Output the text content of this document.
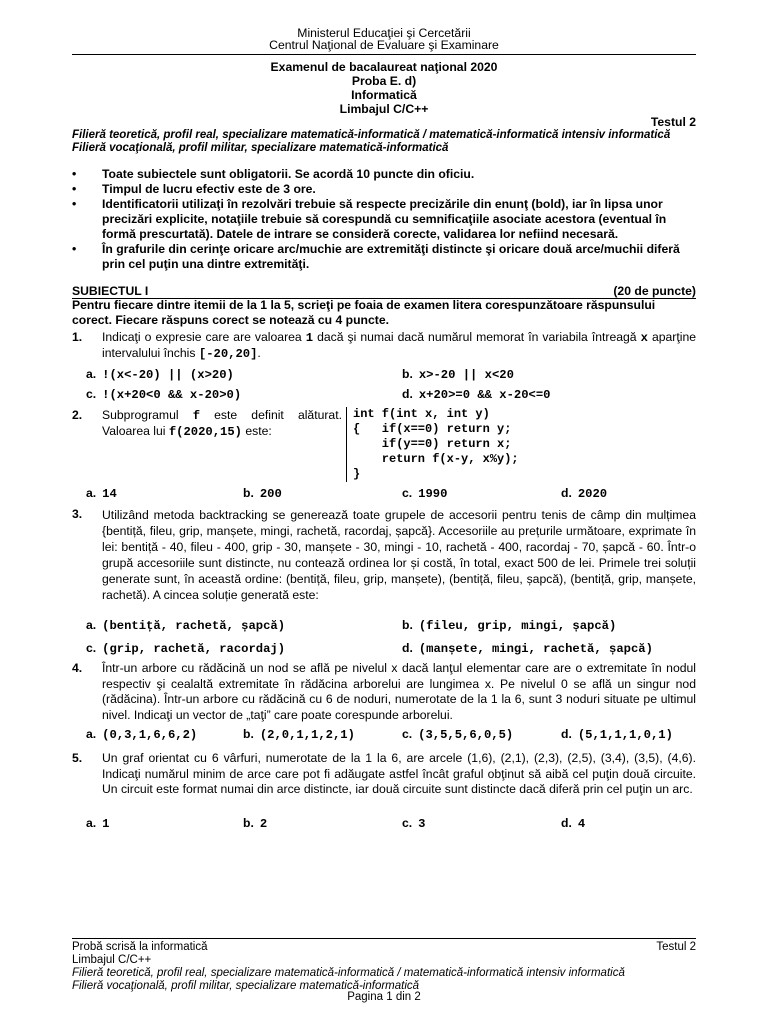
Ministerul Educaţiei şi Cercetării
Centrul Naţional de Evaluare şi Examinare
Examenul de bacalaureat naţional 2020
Proba E. d)
Informatică
Limbajul C/C++
Testul 2
Filieră teoretică, profil real, specializare matematică-informatică / matematică-informatică intensiv informatică
Filieră vocaţională, profil militar, specializare matematică-informatică
• Toate subiectele sunt obligatorii. Se acordă 10 puncte din oficiu.
• Timpul de lucru efectiv este de 3 ore.
• Identificatorii utilizaţi în rezolvări trebuie să respecte precizările din enunţ (bold), iar în lipsa unor precizări explicite, notaţiile trebuie să corespundă cu semnificaţiile asociate acestora (eventual în formă prescurtată). Datele de intrare se consideră corecte, validarea lor nefiind necesară.
• În grafurile din cerinţe oricare arc/muchie are extremităţi distincte şi oricare două arce/muchii diferă prin cel puţin una dintre extremităţi.
SUBIECTUL I	(20 de puncte)
Pentru fiecare dintre itemii de la 1 la 5, scrieţi pe foaia de examen litera corespunzătoare răspunsului corect. Fiecare răspuns corect se notează cu 4 puncte.
1. Indicaţi o expresie care are valoarea 1 dacă şi numai dacă numărul memorat în variabila întreagă x aparţine intervalului închis [-20,20].
a. !(x<-20) || (x>20)	b. x>-20 || x<20
c. !(x+20<0 && x-20>0)	d. x+20>=0 && x-20<=0
2. Subprogramul f este definit alăturat. Valoarea lui f(2020,15) este:
int f(int x, int y)
{   if(x==0) return y;
if(y==0) return x;
return f(x-y, x%y);
}
a. 14	b. 200	c. 1990	d. 2020
3. Utilizând metoda backtracking se generează toate grupele de accesorii pentru tenis de câmp din mulțimea {bentiță, fileu, grip, manșete, mingi, rachetă, racordaj, șapcă}. Accesoriile au prețurile următoare, exprimate în lei: bentiță - 40, fileu - 400, grip - 30, manșete - 30, mingi - 10, rachetă - 400, racordaj - 70, șapcă - 60. Într-o grupă accesoriile sunt distincte, nu contează ordinea lor și costă, în total, exact 500 de lei. Primele trei soluții generate sunt, în această ordine: (bentiță, fileu, grip, manșete), (bentiță, fileu, șapcă), (bentiță, grip, manșete, rachetă). A cincea soluție generată este:
a. (bentiță, rachetă, șapcă)	b. (fileu, grip, mingi, șapcă)
c. (grip, rachetă, racordaj)	d. (manșete, mingi, rachetă, șapcă)
4. Într-un arbore cu rădăcină un nod se află pe nivelul x dacă lanţul elementar care are o extremitate în nodul respectiv şi cealaltă extremitate în rădăcina arborelui are lungimea x. Pe nivelul 0 se află un singur nod (rădăcina). Într-un arbore cu rădăcină cu 6 de noduri, numerotate de la 1 la 6, sunt 3 noduri situate pe ultimul nivel. Indicaţi un vector de „taţi” care poate corespunde arborelui.
a. (0,3,1,6,6,2)	b. (2,0,1,1,2,1)	c. (3,5,5,6,0,5)	d. (5,1,1,1,0,1)
5. Un graf orientat cu 6 vârfuri, numerotate de la 1 la 6, are arcele (1,6), (2,1), (2,3), (2,5), (3,4), (3,5), (4,6). Indicaţi numărul minim de arce care pot fi adăugate astfel încât graful obţinut să aibă cel puţin două circuite. Un circuit este format numai din arce distincte, iar două circuite sunt distincte dacă diferă prin cel puţin un arc.
a. 1	b. 2	c. 3	d. 4
Probă scrisă la informatică	Testul 2
Limbajul C/C++
Filieră teoretică, profil real, specializare matematică-informatică / matematică-informatică intensiv informatică
Filieră vocaţională, profil militar, specializare matematică-informatică
Pagina 1 din 2
